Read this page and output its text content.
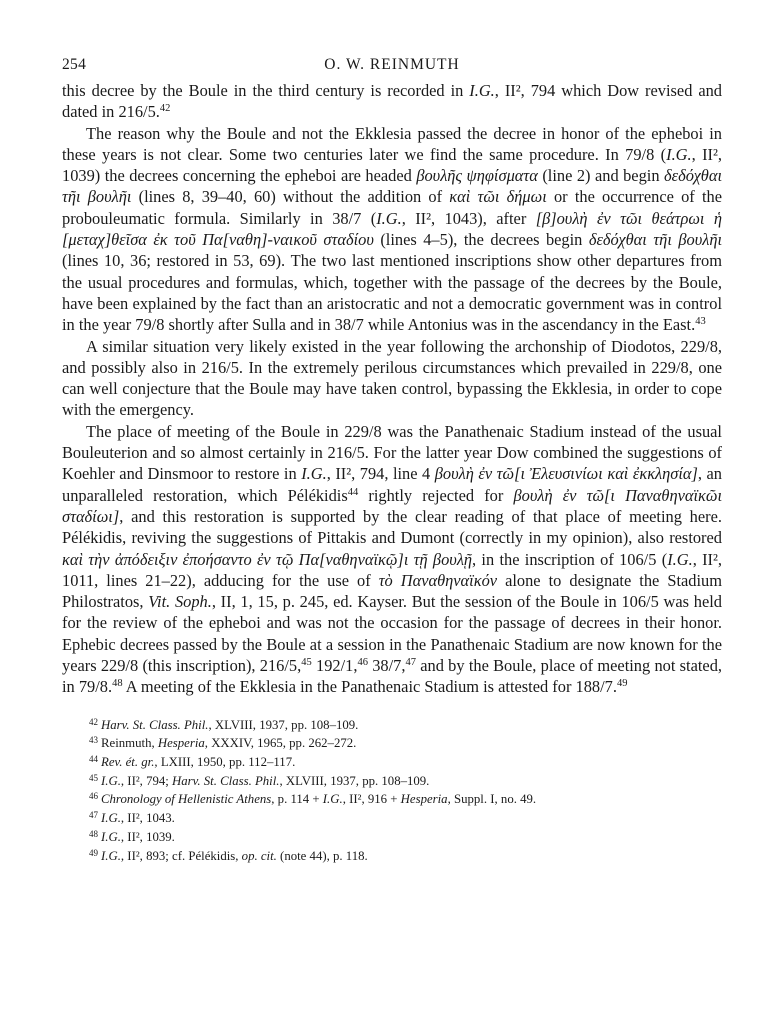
254	O. W. REINMUTH

this decree by the Boule in the third century is recorded in I.G., II², 794 which Dow revised and dated in 216/5.42

The reason why the Boule and not the Ekklesia passed the decree in honor of the epheboi in these years is not clear. Some two centuries later we find the same procedure. In 79/8 (I.G., II², 1039) the decrees concerning the epheboi are headed βουλῆς ψηφίσματα (line 2) and begin δεδόχθαι τῆι βουλῆι (lines 8, 39–40, 60) without the addition of καὶ τῶι δήμωι or the occurrence of the probouleumatic formula. Similarly in 38/7 (I.G., II², 1043), after [β]ουλὴ ἐν τῶι θεάτρωι ἡ [μεταχ]θεῖσα ἐκ τοῦ Πα[ναθη]-ναικοῦ σταδίου (lines 4–5), the decrees begin δεδόχθαι τῆι βουλῆι (lines 10, 36; restored in 53, 69). The two last mentioned inscriptions show other departures from the usual procedures and formulas, which, together with the passage of the decrees by the Boule, have been explained by the fact than an aristocratic and not a democratic government was in control in the year 79/8 shortly after Sulla and in 38/7 while Antonius was in the ascendancy in the East.$^{43}$

A similar situation very likely existed in the year following the archonship of Diodotos, 229/8, and possibly also in 216/5. In the extremely perilous circumstances which prevailed in 229/8, one can well conjecture that the Boule may have taken control, bypassing the Ekklesia, in order to cope with the emergency.

The place of meeting of the Boule in 229/8 was the Panathenaic Stadium instead of the usual Bouleuterion and so almost certainly in 216/5. For the latter year Dow combined the suggestions of Koehler and Dinsmoor to restore in I.G., II², 794, line 4 βουλὴ ἐν τῶ[ι Ἐλευσινίωι καὶ ἐκκλησία], an unparalleled restoration, which Pélékidis$^{44}$ rightly rejected for βουλὴ ἐν τῶ[ι Παναθηναϊκῶι σταδίωι], and this restoration is supported by the clear reading of that place of meeting here. Pélékidis, reviving the suggestions of Pittakis and Dumont (correctly in my opinion), also restored καὶ τὴν ἀπόδειξιν ἐποήσαντο ἐν τῷ Πα[ναθηναϊκῷ]ι τῇ βουλῇ, in the inscription of 106/5 (I.G., II², 1011, lines 21–22), adducing for the use of τὸ Παναθηναϊκόν alone to designate the Stadium Philostratos, Vit. Soph., II, 1, 15, p. 245, ed. Kayser. But the session of the Boule in 106/5 was held for the review of the epheboi and was not the occasion for the passage of decrees in their honor. Ephebic decrees passed by the Boule at a session in the Panathenaic Stadium are now known for the years 229/8 (this inscription), 216/5,45 192/1,46 38/7,47 and by the Boule, place of meeting not stated, in 79/8.48 A meeting of the Ekklesia in the Panathenaic Stadium is attested for 188/7.49

$^{42}$ Harv. St. Class. Phil., XLVIII, 1937, pp. 108–109.
$^{43}$ Reinmuth, Hesperia, XXXIV, 1965, pp. 262–272.
$^{44}$ Rev. ét. gr., LXIII, 1950, pp. 112–117.
$^{45}$ I.G., II², 794; Harv. St. Class. Phil., XLVIII, 1937, pp. 108–109.
$^{46}$ Chronology of Hellenistic Athens, p. 114 + I.G., II², 916 + Hesperia, Suppl. I, no. 49.
$^{47}$ I.G., II², 1043.
$^{48}$ I.G., II², 1039.
$^{49}$ I.G., II², 893; cf. Pélékidis, op. cit. (note 44), p. 118.
